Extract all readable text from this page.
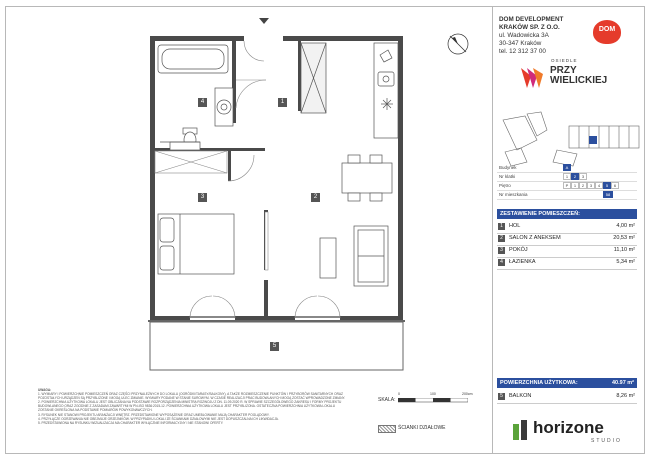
1
2
3
4
5

UWAGA:

1. WYMIARY I POWIERZCHNIE POMIESZCZEŃ ORAZ CZĘŚCI PRZYNALEŻNYCH DO LOKALU (OGRÓDKI/TARASY/BALKONY), A TAKŻE ROZMIESZCZENIE PUNKTÓW I PRZYBORÓW SANITARNYCH ORAZ POZOSTAŁYCH URZĄDZEŃ SĄ PRZYBLIŻONE I MOGĄ ULEC ZMIANIE. WYMIARY PODANE W STANIE SUROWYM. W CZASIE REALIZACJI PRAC BUDOWLANYCH MOGĄ ZOSTAĆ WPROWADZONE ZMIANY.

2. POWIERZCHNIA UŻYTKOWA LOKALU JEST OBLICZANA NA PODSTAWIE ROZPORZĄDZENIA MINISTRA ROZWOJU Z DN. 11.09.2020 R. W SPRAWIE SZCZEGÓŁOWEGO ZAKRESU I FORMY PROJEKTU BUDOWLANEGO ORAZ ZGODNIE Z ZASADAMI ZAWARTYMI W PN-ISO 9836:2015-12. POWIERZCHNIA UŻYTKOWA LOKALU JEST PRZYBLIŻONA. OSTATECZNA POWIERZCHNIA UŻYTKOWA LOKALU ZOSTANIE OKREŚLONA NA PODSTAWIE POMIARÓW POWYKONAWCZYCH.

3. RYSUNEK NIE STANOWI PROJEKTU ARANŻACJI WNĘTRZ. PRZEDSTAWIONE WYPOSAŻENIE ORAZ UMEBLOWANIE MAJĄ CHARAKTER POGLĄDOWY.

4. PRZYŁĄCZE OGRZEWANIA NIE OBEJMUJE GRZEJNIKÓW. W PRZYPADKU LOKALI ZE ŚCIANKAMI DZIAŁOWYMI NIE JEST DOPUSZCZALNA ICH LIKWIDACJA.

5. PRZEDSTAWIONA NA RYSUNKU WIZUALIZACJA MA CHARAKTER WYŁĄCZNIE INFORMACYJNY I NIE STANOWI OFERTY.

SKALA:
0	100	200cm
ŚCIANKI DZIAŁOWE
DOM DEVELOPMENT
KRAKÓW SP. Z O.O.
ul. Wadowicka 3A
30-347 Kraków
tel. 12 312 37 00
DOM
OSIEDLE
PRZY
WIELICKIEJ
Budynek	A
Nr klatki	1	2	3
Piętro	P	1	2	3	4	5	6
Nr mieszkania	58
ZESTAWIENIE POMIESZCZEŃ:
1	HOL	4,00 m²
2	SALON Z ANEKSEM	20,53 m²
3	POKÓJ	11,10 m²
4	ŁAZIENKA	5,34 m²
POWIERZCHNIA UŻYTKOWA:	40.97 m²
5	BALKON	8,26 m²
horizone
STUDIO
